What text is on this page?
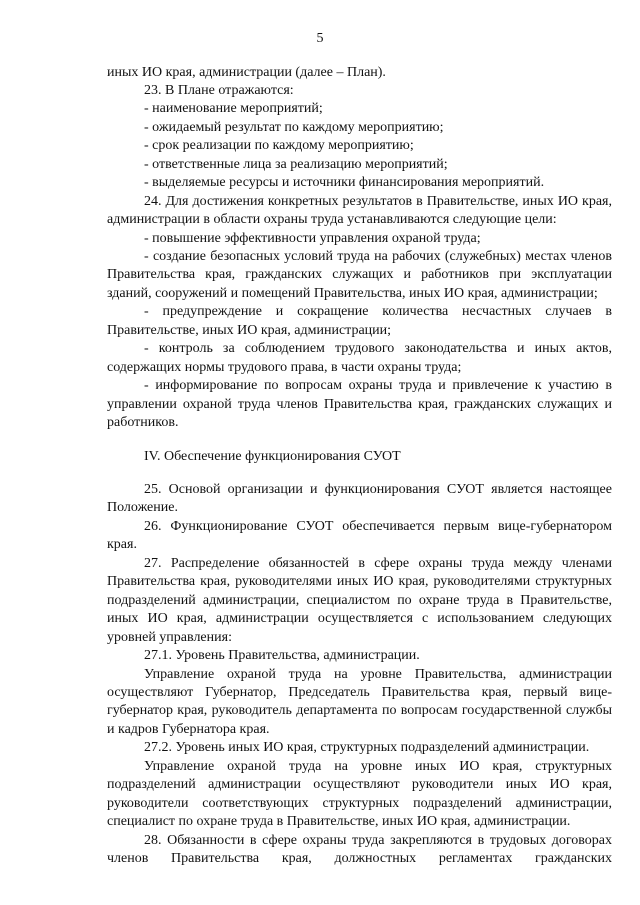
5

иных ИО края, администрации (далее – План).

23. В Плане отражаются:

- наименование мероприятий;

- ожидаемый результат по каждому мероприятию;

- срок реализации по каждому мероприятию;

- ответственные лица за реализацию мероприятий;

- выделяемые ресурсы и источники финансирования мероприятий.

24. Для достижения конкретных результатов в Правительстве, иных ИО края, администрации в области охраны труда устанавливаются следующие цели:

- повышение эффективности управления охраной труда;

- создание безопасных условий труда на рабочих (служебных) местах членов Правительства края, гражданских служащих и работников при эксплуатации зданий, сооружений и помещений Правительства, иных ИО края, администрации;

- предупреждение и сокращение количества несчастных случаев в Правительстве, иных ИО края, администрации;

- контроль за соблюдением трудового законодательства и иных актов, содержащих нормы трудового права, в части охраны труда;

- информирование по вопросам охраны труда и привлечение к участию в управлении охраной труда членов Правительства края, гражданских служащих и работников.

IV. Обеспечение функционирования СУОТ

25. Основой организации и функционирования СУОТ является настоящее Положение.

26. Функционирование СУОТ обеспечивается первым вице-губернатором края.

27. Распределение обязанностей в сфере охраны труда между членами Правительства края, руководителями иных ИО края, руководителями структурных подразделений администрации, специалистом по охране труда в Правительстве, иных ИО края, администрации осуществляется с использованием следующих уровней управления:

27.1. Уровень Правительства, администрации.

Управление охраной труда на уровне Правительства, администрации осуществляют Губернатор, Председатель Правительства края, первый вице-губернатор края, руководитель департамента по вопросам государственной службы и кадров Губернатора края.

27.2. Уровень иных ИО края, структурных подразделений администрации.

Управление охраной труда на уровне иных ИО края, структурных подразделений администрации осуществляют руководители иных ИО края, руководители соответствующих структурных подразделений администрации, специалист по охране труда в Правительстве, иных ИО края, администрации.

28. Обязанности в сфере охраны труда закрепляются в трудовых договорах членов Правительства края, должностных регламентах гражданских
